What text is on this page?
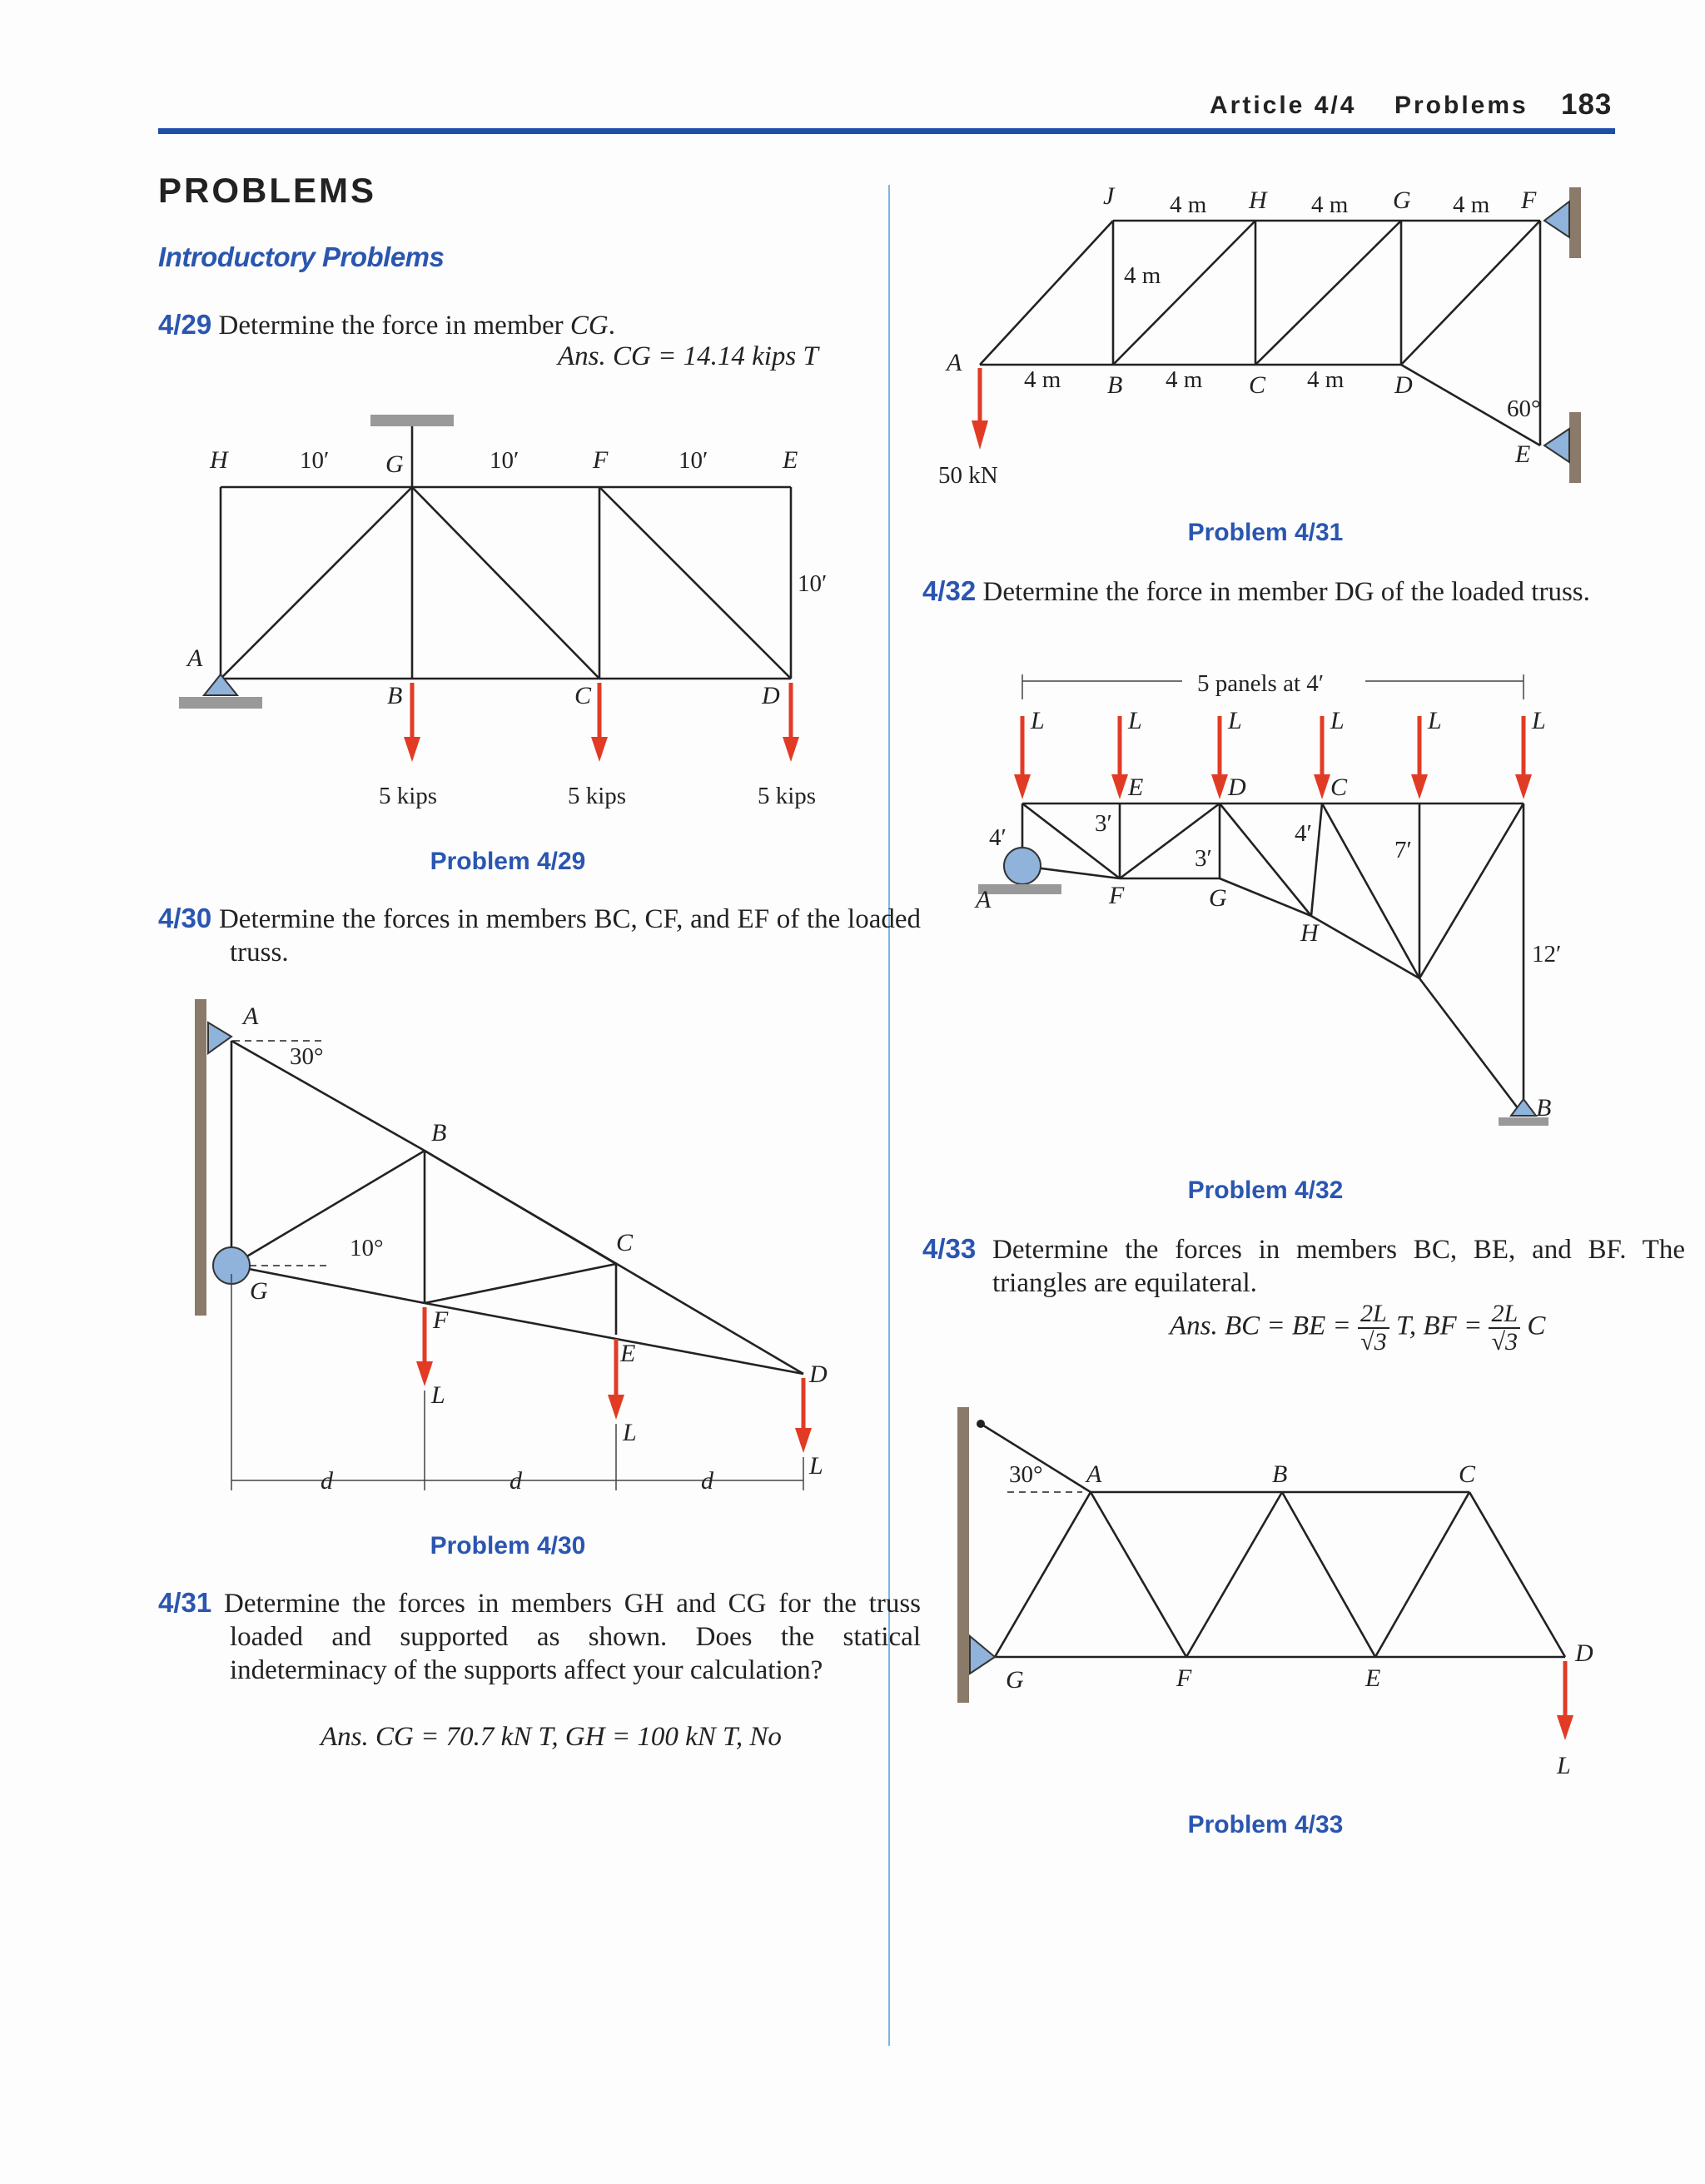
Article 4/4 Problems 183
PROBLEMS
Introductory Problems
4/29 Determine the force in member CG.
Ans. CG = 14.14 kips T
H	G	F	E
A
B	C	D
10′	10′	10′
10′
5 kips	5 kips	5 kips
Problem 4/29
4/30 Determine the forces in members BC, CF, and EF of the loaded truss.
A
30°
B
10°	C
G
F
E
D
L
L
L
d	d	d
Problem 4/30
4/31 Determine the forces in members GH and CG for the truss loaded and supported as shown. Does the statical indeterminacy of the supports affect your calculation?
Ans. CG = 70.7 kN T, GH = 100 kN T, No
J 4 m H 4 m G 4 m F
4 m
A
4 m B 4 m C 4 m D
60°
E
50 kN
Problem 4/31
4/32 Determine the force in member DG of the loaded truss.
5 panels at 4′
L	L	L	L	L	L
E	D	C
4′
3′
3′
4′
7′
A	F	G
H
12′
B
Problem 4/32
4/33 Determine the forces in members BC, BE, and BF. The triangles are equilateral.
Ans. BC = BE = $\frac{2L}{√3} T$, BF = $\frac{2L}{√3}$ C
30° A	B	C
D
G	F	E
L
Problem 4/33
